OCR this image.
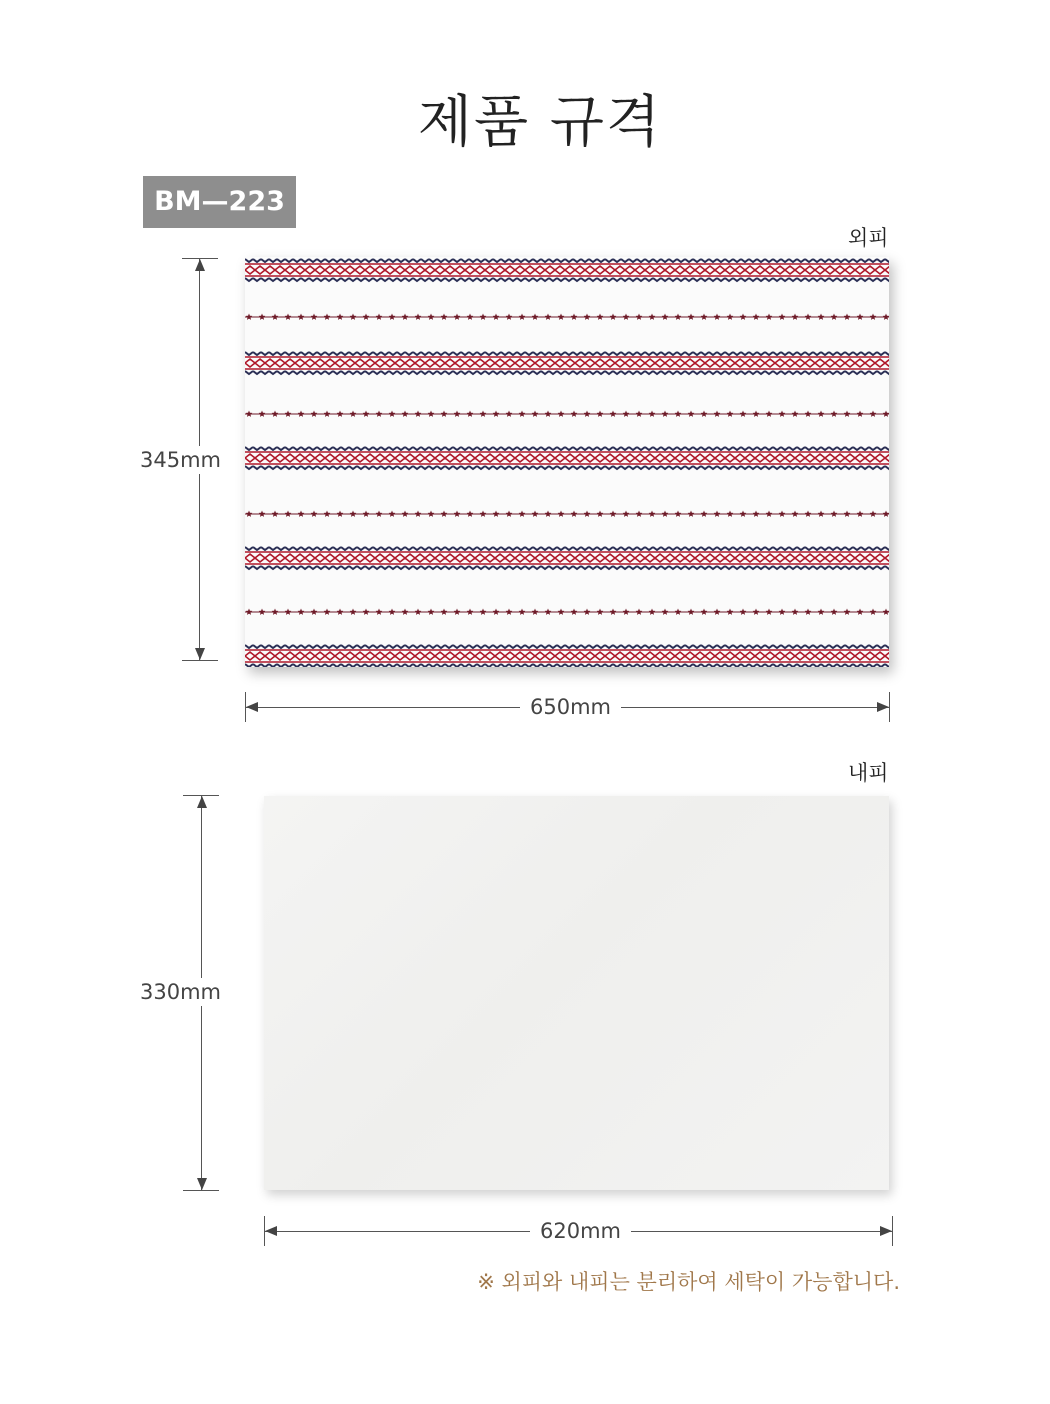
제품 규격
BM—223
외피
345mm
650mm
내피
330mm
620mm
※ 외피와 내피는 분리하여 세탁이 가능합니다.
